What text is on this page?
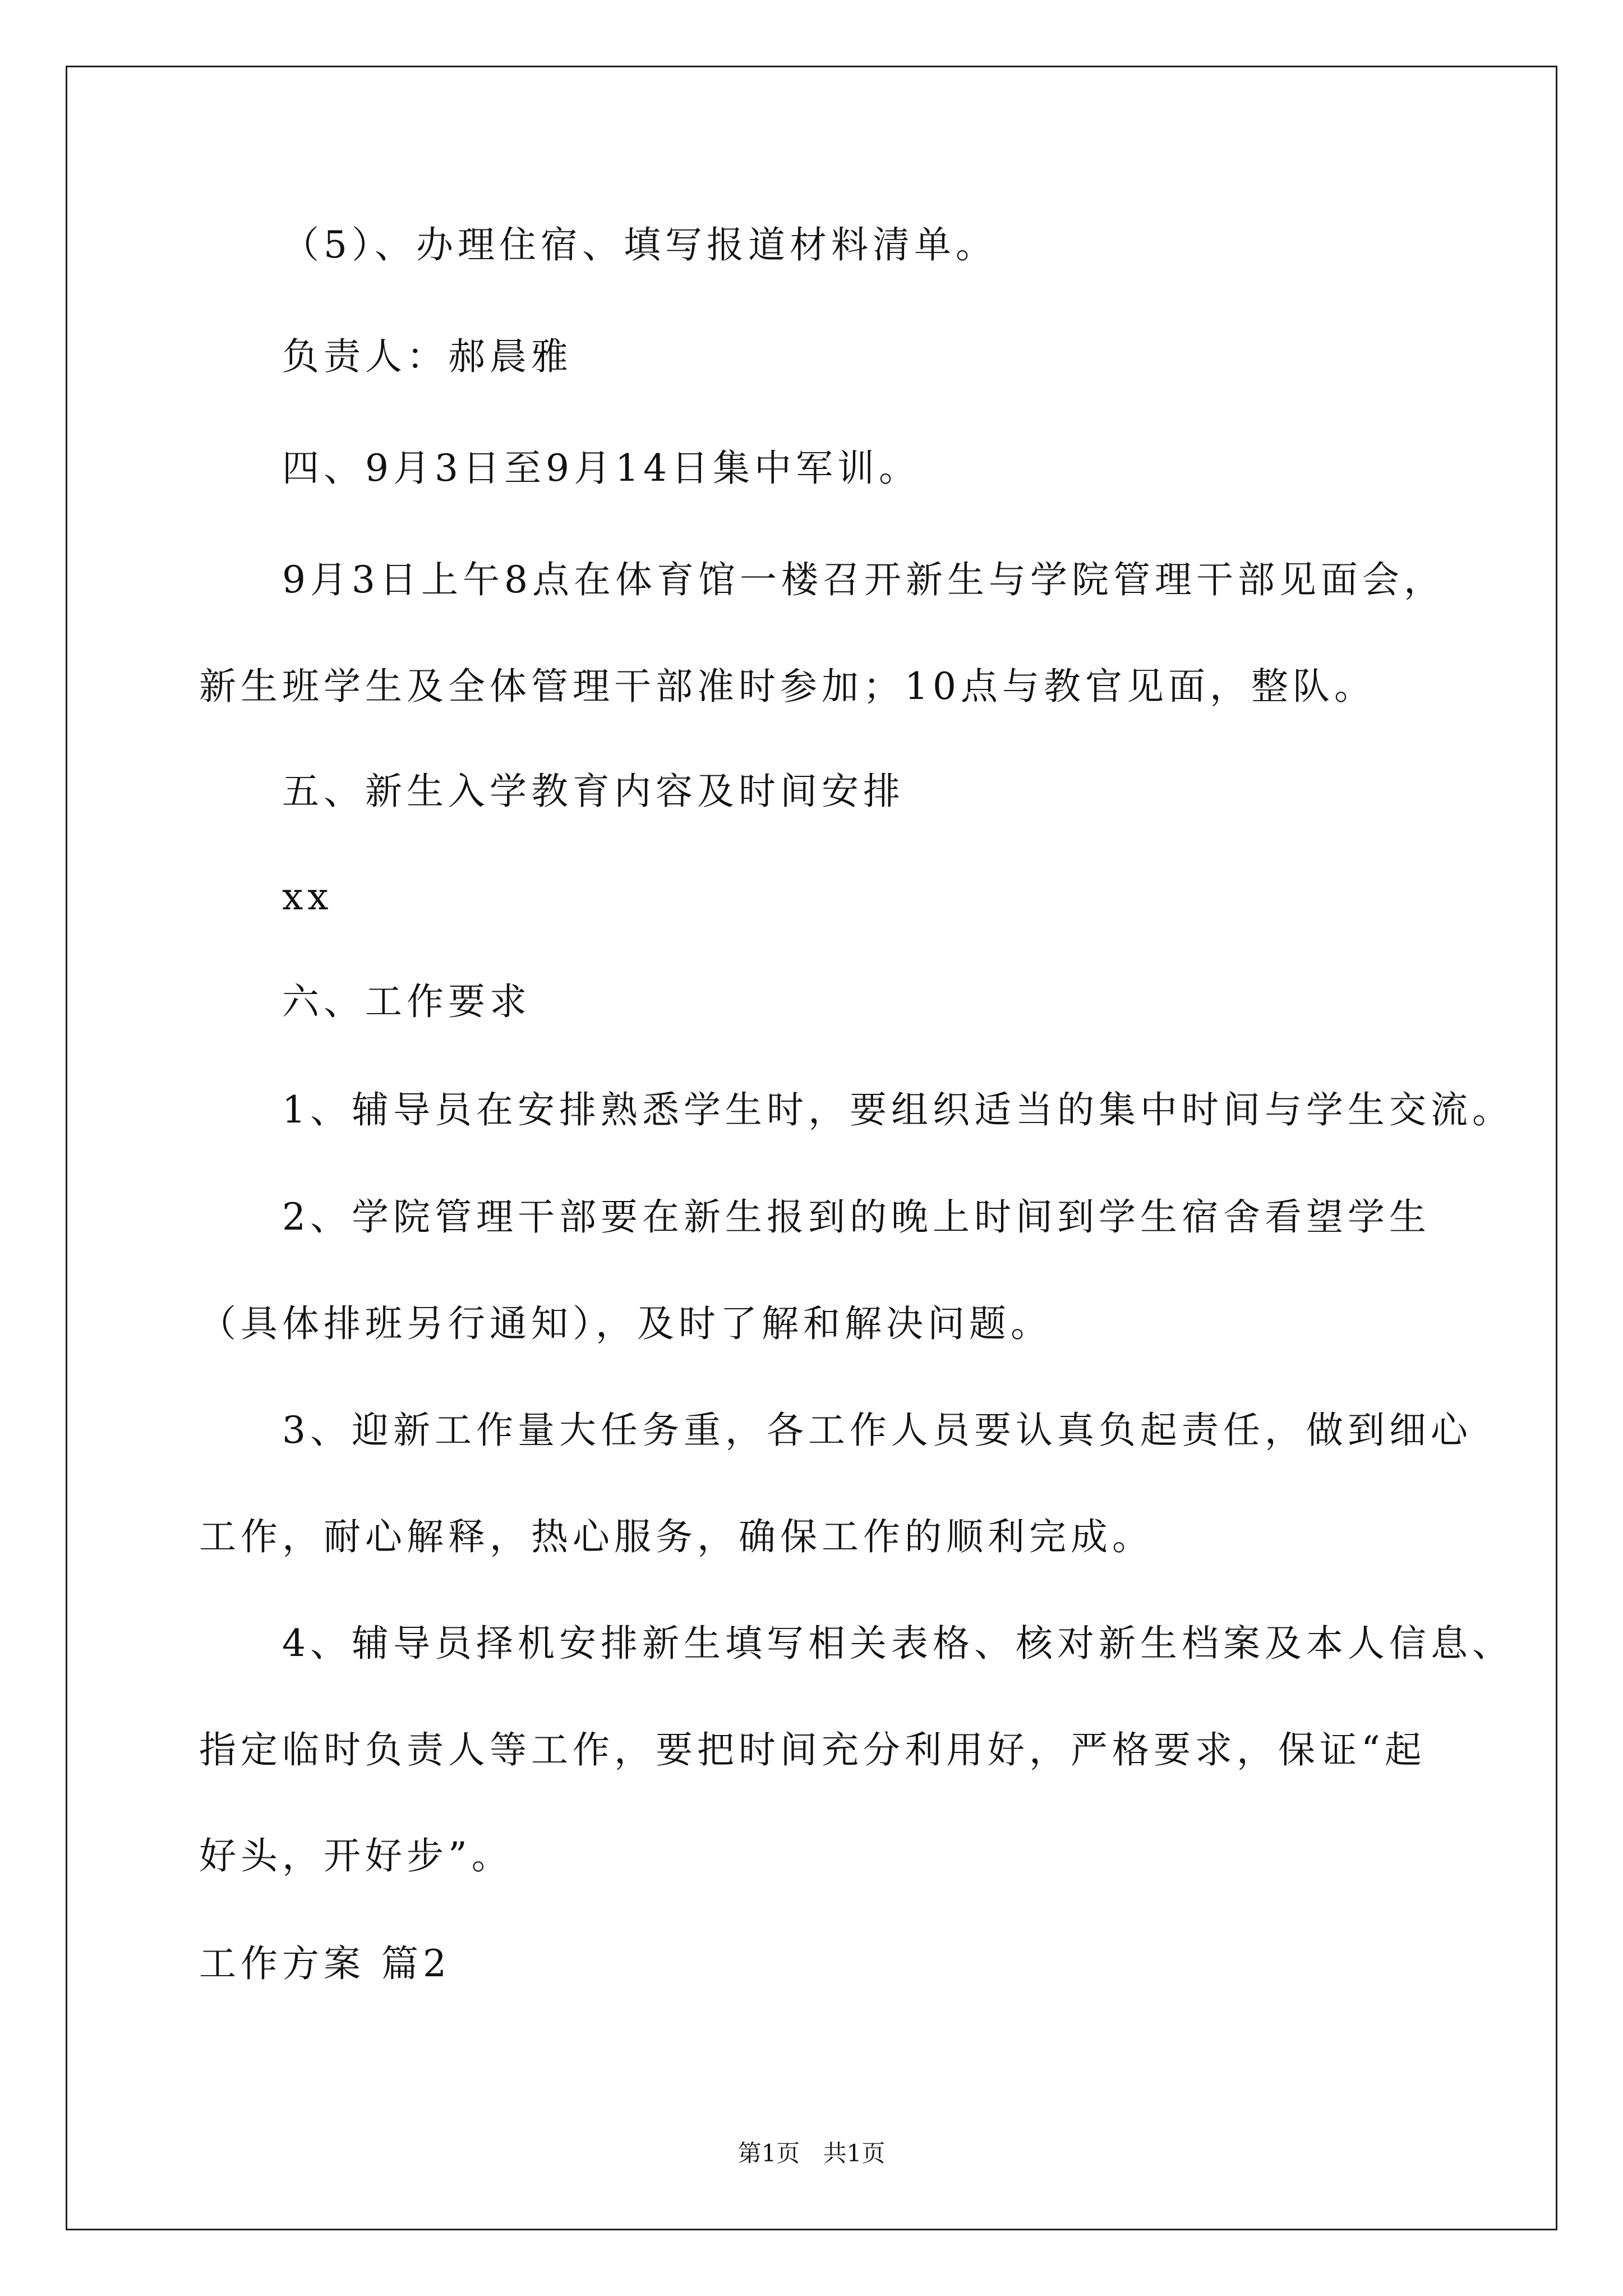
（5）、办理住宿、填写报道材料清单。
负责人：郝晨雅
四、9月3日至9月14日集中军训。
9月3日上午8点在体育馆一楼召开新生与学院管理干部见面会，
新生班学生及全体管理干部准时参加；10点与教官见面，整队。
五、新生入学教育内容及时间安排
xx
六、工作要求
1、辅导员在安排熟悉学生时，要组织适当的集中时间与学生交流。
2、学院管理干部要在新生报到的晚上时间到学生宿舍看望学生
（具体排班另行通知），及时了解和解决问题。
3、迎新工作量大任务重，各工作人员要认真负起责任，做到细心
工作，耐心解释，热心服务，确保工作的顺利完成。
4、辅导员择机安排新生填写相关表格、核对新生档案及本人信息、
指定临时负责人等工作，要把时间充分利用好，严格要求，保证“起
好头，开好步”。
工作方案 篇2
第1页 共1页
